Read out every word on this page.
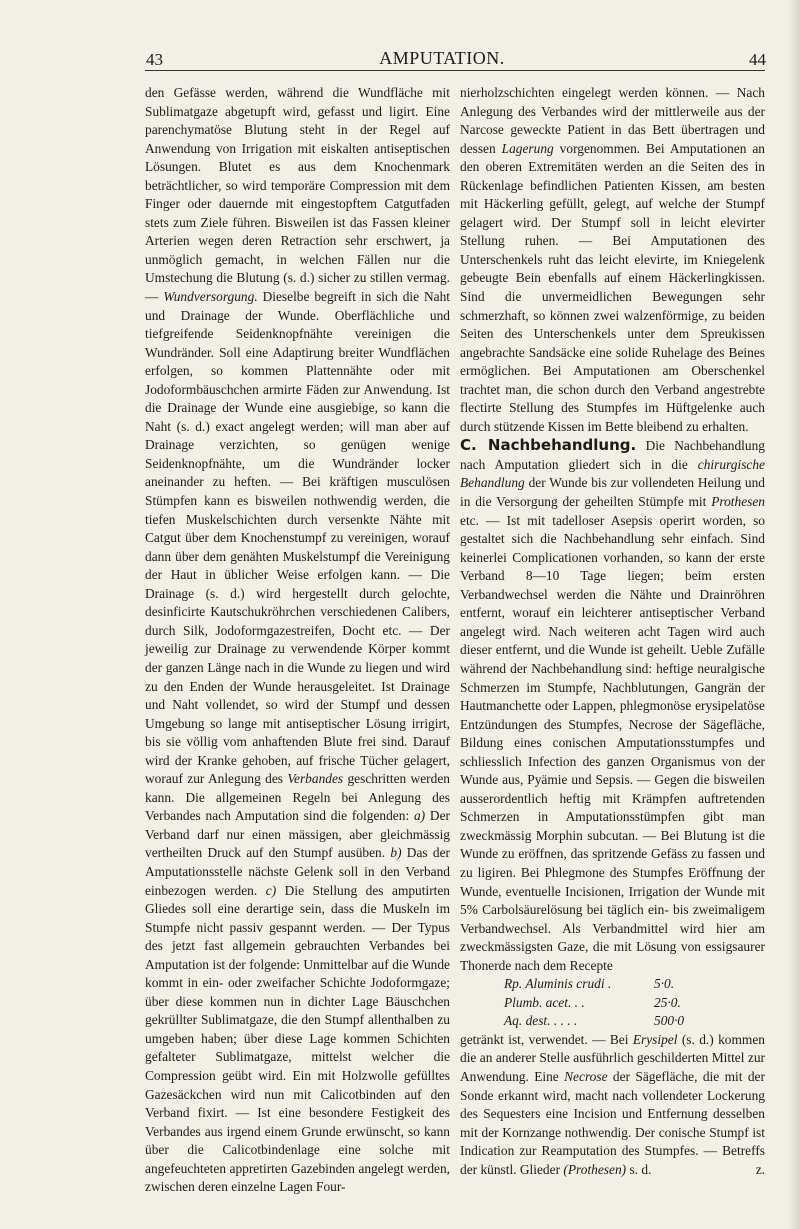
43	AMPUTATION.	44

den Gefässe werden, während die Wundfläche mit Sublimatgaze abgetupft wird, gefasst und ligirt. Eine parenchymatöse Blutung steht in der Regel auf Anwendung von Irrigation mit eiskalten antiseptischen Lösungen. Blutet es aus dem Knochenmark beträchtlicher, so wird temporäre Compression mit dem Finger oder dauernde mit eingestopftem Catgutfaden stets zum Ziele führen. Bisweilen ist das Fassen kleiner Arterien wegen deren Retraction sehr erschwert, ja unmöglich gemacht, in welchen Fällen nur die Umstechung die Blutung (s. d.) sicher zu stillen vermag. — Wundversorgung. Dieselbe begreift in sich die Naht und Drainage der Wunde. Oberflächliche und tiefgreifende Seidenknopfnähte vereinigen die Wundränder. Soll eine Adaptirung breiter Wundflächen erfolgen, so kommen Plattennähte oder mit Jodoformbäuschchen armirte Fäden zur Anwendung. Ist die Drainage der Wunde eine ausgiebige, so kann die Naht (s. d.) exact angelegt werden; will man aber auf Drainage verzichten, so genügen wenige Seidenknopfnähte, um die Wundränder locker aneinander zu heften. — Bei kräftigen musculösen Stümpfen kann es bisweilen nothwendig werden, die tiefen Muskelschichten durch versenkte Nähte mit Catgut über dem Knochenstumpf zu vereinigen, worauf dann über dem genähten Muskelstumpf die Vereinigung der Haut in üblicher Weise erfolgen kann. — Die Drainage (s. d.) wird hergestellt durch gelochte, desinficirte Kautschukröhrchen verschiedenen Calibers, durch Silk, Jodoformgazestreifen, Docht etc. — Der jeweilig zur Drainage zu verwendende Körper kommt der ganzen Länge nach in die Wunde zu liegen und wird zu den Enden der Wunde herausgeleitet. Ist Drainage und Naht vollendet, so wird der Stumpf und dessen Umgebung so lange mit antiseptischer Lösung irrigirt, bis sie völlig vom anhaftenden Blute frei sind. Darauf wird der Kranke gehoben, auf frische Tücher gelagert, worauf zur Anlegung des Verbandes geschritten werden kann. Die allgemeinen Regeln bei Anlegung des Verbandes nach Amputation sind die folgenden: a) Der Verband darf nur einen mässigen, aber gleichmässig vertheilten Druck auf den Stumpf ausüben. b) Das der Amputationsstelle nächste Gelenk soll in den Verband einbezogen werden. c) Die Stellung des amputirten Gliedes soll eine derartige sein, dass die Muskeln im Stumpfe nicht passiv gespannt werden. — Der Typus des jetzt fast allgemein gebrauchten Verbandes bei Amputation ist der folgende: Unmittelbar auf die Wunde kommt in ein- oder zweifacher Schichte Jodoformgaze; über diese kommen nun in dichter Lage Bäuschchen gekrüllter Sublimatgaze, die den Stumpf allenthalben zu umgeben haben; über diese Lage kommen Schichten gefalteter Sublimatgaze, mittelst welcher die Compression geübt wird. Ein mit Holzwolle gefülltes Gazesäckchen wird nun mit Calicotbinden auf den Verband fixirt. — Ist eine besondere Festigkeit des Verbandes aus irgend einem Grunde erwünscht, so kann über die Calicotbindenlage eine solche mit angefeuchteten appretirten Gazebinden angelegt werden, zwischen deren einzelne Lagen Four-

nierholzschichten eingelegt werden können. — Nach Anlegung des Verbandes wird der mittlerweile aus der Narcose geweckte Patient in das Bett übertragen und dessen Lagerung vorgenommen. Bei Amputationen an den oberen Extremitäten werden an die Seiten des in Rückenlage befindlichen Patienten Kissen, am besten mit Häckerling gefüllt, gelegt, auf welche der Stumpf gelagert wird. Der Stumpf soll in leicht elevirter Stellung ruhen. — Bei Amputationen des Unterschenkels ruht das leicht elevirte, im Kniegelenk gebeugte Bein ebenfalls auf einem Häckerlingkissen. Sind die unvermeidlichen Bewegungen sehr schmerzhaft, so können zwei walzenförmige, zu beiden Seiten des Unterschenkels unter dem Spreukissen angebrachte Sandsäcke eine solide Ruhelage des Beines ermöglichen. Bei Amputationen am Oberschenkel trachtet man, die schon durch den Verband angestrebte flectirte Stellung des Stumpfes im Hüftgelenke auch durch stützende Kissen im Bette bleibend zu erhalten.

C. Nachbehandlung. Die Nachbehandlung nach Amputation gliedert sich in die chirurgische Behandlung der Wunde bis zur vollendeten Heilung und in die Versorgung der geheilten Stümpfe mit Prothesen etc. — Ist mit tadelloser Asepsis operirt worden, so gestaltet sich die Nachbehandlung sehr einfach. Sind keinerlei Complicationen vorhanden, so kann der erste Verband 8—10 Tage liegen; beim ersten Verbandwechsel werden die Nähte und Drainröhren entfernt, worauf ein leichterer antiseptischer Verband angelegt wird. Nach weiteren acht Tagen wird auch dieser entfernt, und die Wunde ist geheilt. Ueble Zufälle während der Nachbehandlung sind: heftige neuralgische Schmerzen im Stumpfe, Nachblutungen, Gangrän der Hautmanchette oder Lappen, phlegmonöse erysipelatöse Entzündungen des Stumpfes, Necrose der Sägefläche, Bildung eines conischen Amputationsstumpfes und schliesslich Infection des ganzen Organismus von der Wunde aus, Pyämie und Sepsis. — Gegen die bisweilen ausserordentlich heftig mit Krämpfen auftretenden Schmerzen in Amputationsstümpfen gibt man zweckmässig Morphin subcutan. — Bei Blutung ist die Wunde zu eröffnen, das spritzende Gefäss zu fassen und zu ligiren. Bei Phlegmone des Stumpfes Eröffnung der Wunde, eventuelle Incisionen, Irrigation der Wunde mit 5% Carbolsäurelösung bei täglich ein- bis zweimaligem Verbandwechsel. Als Verbandmittel wird hier am zweckmässigsten Gaze, die mit Lösung von essigsaurer Thonerde nach dem Recepte

Rp. Aluminis crudi .	5·0.

Plumb. acet. . .	25·0.

Aq. dest. . . . .	500·0

getränkt ist, verwendet. — Bei Erysipel (s. d.) kommen die an anderer Stelle ausführlich geschilderten Mittel zur Anwendung. Eine Necrose der Sägefläche, die mit der Sonde erkannt wird, macht nach vollendeter Lockerung des Sequesters eine Incision und Entfernung desselben mit der Kornzange nothwendig. Der conische Stumpf ist Indication zur Reamputation des Stumpfes. — Betreffs der künstl. Glieder (Prothesen) s. d.	z.
